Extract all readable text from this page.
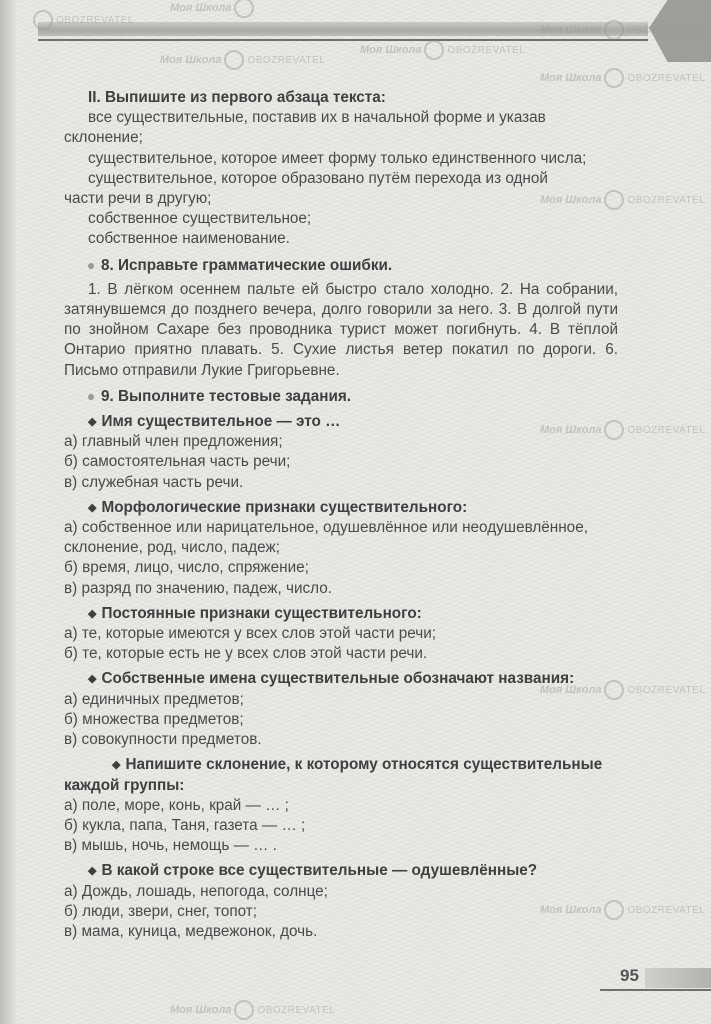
OBOZREVATEL
Моя Школа
Моя Школа	OBOZREVATEL
Моя Школа	OBOZREVATEL
Моя Школа	OBOZREVATEL
Моя Школа	OBOZREVATEL
Моя Школа	OBOZREVATEL
Моя Школа	OBOZREVATEL
Моя Школа	OBOZREVATEL
Моя Школа	OBOZREVATEL
Моя Школа	OBOZREVATEL

II. Выпишите из первого абзаца текста:

все существительные, поставив их в начальной форме и указав

склонение;

существительное, которое имеет форму только единственного числа;

существительное, которое образовано путём перехода из одной

части речи в другую;

собственное существительное;

собственное наименование.

8. Исправьте грамматические ошибки.

1. В лёгком осеннем пальте ей быстро стало холодно. 2. На собрании, затянувшемся до позднего вечера, долго говорили за него. 3. В долгой пути по знойном Сахаре без проводника турист может погибнуть. 4. В тёплой Онтарио приятно плавать. 5. Сухие листья ветер покатил по дороги. 6. Письмо отправили Лукие Григорьевне.

9. Выполните тестовые задания.

◆ Имя существительное — это …

а) главный член предложения;

б) самостоятельная часть речи;

в) служебная часть речи.

◆ Морфологические признаки существительного:

а) собственное или нарицательное, одушевлённое или неодушевлённое, склонение, род, число, падеж;

б) время, лицо, число, спряжение;

в) разряд по значению, падеж, число.

◆ Постоянные признаки существительного:

а) те, которые имеются у всех слов этой части речи;

б) те, которые есть не у всех слов этой части речи.

◆ Собственные имена существительные обозначают названия:

а) единичных предметов;

б) множества предметов;

в) совокупности предметов.

◆ Напишите склонение, к которому относятся существительные каждой группы:

а) поле, море, конь, край — … ;

б) кукла, папа, Таня, газета — … ;

в) мышь, ночь, немощь — … .

◆ В какой строке все существительные — одушевлённые?

а) Дождь, лошадь, непогода, солнце;

б) люди, звери, снег, топот;

в) мама, куница, медвежонок, дочь.

95
